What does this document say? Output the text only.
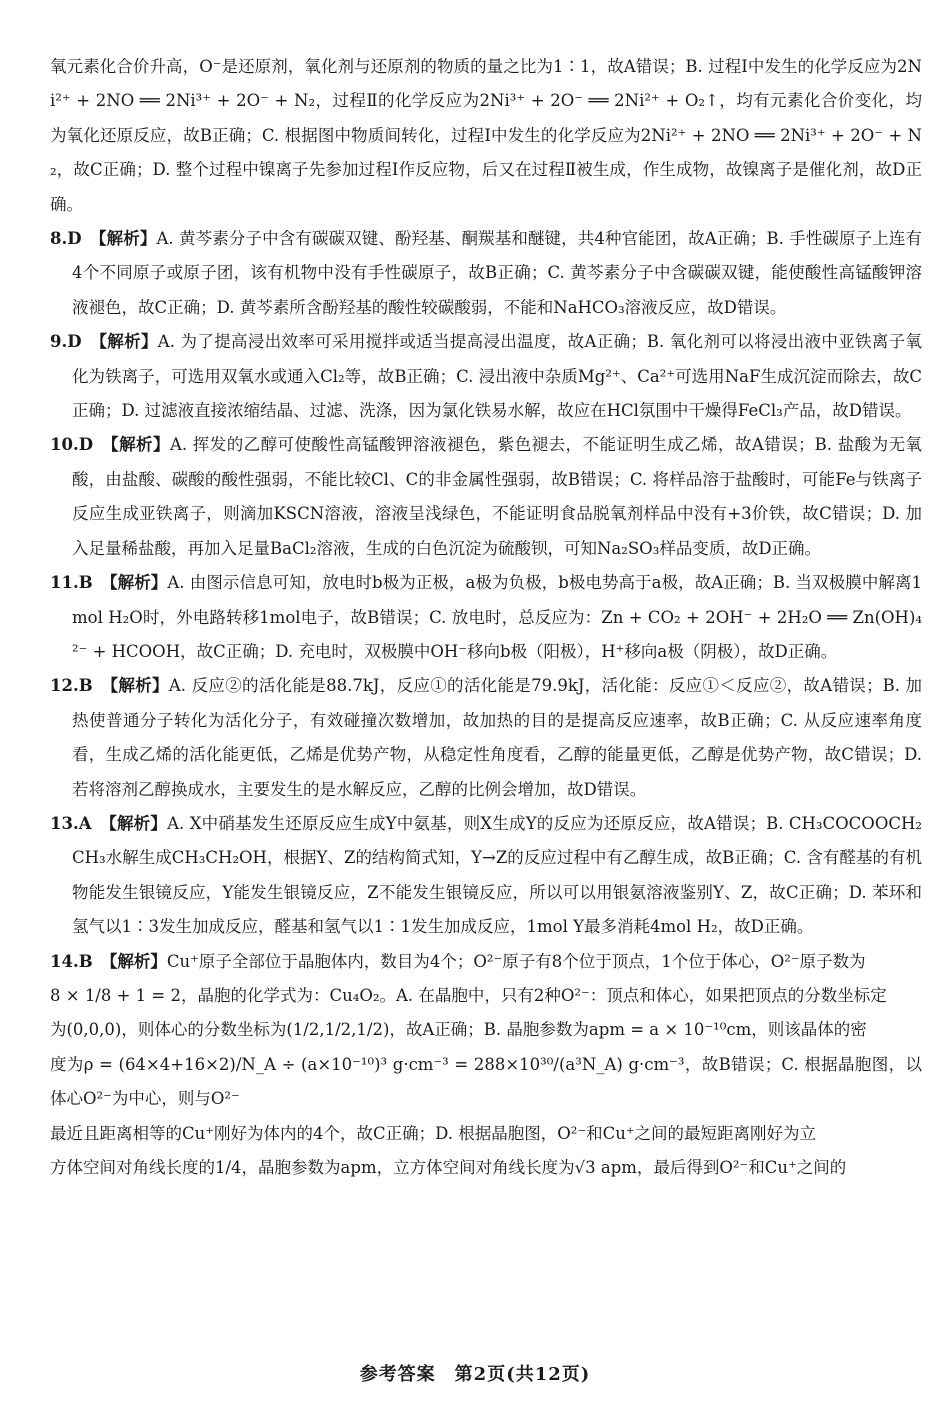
氧元素化合价升高，O⁻是还原剂，氧化剂与还原剂的物质的量之比为1∶1，故A错误；B. 过程Ⅰ中发生的化学反应为2Ni²⁺ + 2NO ══ 2Ni³⁺ + 2O⁻ + N₂，过程Ⅱ的化学反应为2Ni³⁺ + 2O⁻ ══ 2Ni²⁺ + O₂↑，均有元素化合价变化，均为氧化还原反应，故B正确；C. 根据图中物质间转化，过程Ⅰ中发生的化学反应为2Ni²⁺ + 2NO ══ 2Ni³⁺ + 2O⁻ + N₂，故C正确；D. 整个过程中镍离子先参加过程Ⅰ作反应物，后又在过程Ⅱ被生成，作生成物，故镍离子是催化剂，故D正确。

8.D　 【解析】A. 黄芩素分子中含有碳碳双键、酚羟基、酮羰基和醚键，共4种官能团，故A正确；B. 手性碳原子上连有4个不同原子或原子团，该有机物中没有手性碳原子，故B正确；C. 黄芩素分子中含碳碳双键，能使酸性高锰酸钾溶液褪色，故C正确；D. 黄芩素所含酚羟基的酸性较碳酸弱，不能和NaHCO₃溶液反应，故D错误。

9.D　 【解析】A. 为了提高浸出效率可采用搅拌或适当提高浸出温度，故A正确；B. 氧化剂可以将浸出液中亚铁离子氧化为铁离子，可选用双氧水或通入Cl₂等，故B正确；C. 浸出液中杂质Mg²⁺、Ca²⁺可选用NaF生成沉淀而除去，故C正确；D. 过滤液直接浓缩结晶、过滤、洗涤，因为氯化铁易水解，故应在HCl氛围中干燥得FeCl₃产品，故D错误。

10.D　 【解析】A. 挥发的乙醇可使酸性高锰酸钾溶液褪色，紫色褪去，不能证明生成乙烯，故A错误；B. 盐酸为无氧酸，由盐酸、碳酸的酸性强弱，不能比较Cl、C的非金属性强弱，故B错误；C. 将样品溶于盐酸时，可能Fe与铁离子反应生成亚铁离子，则滴加KSCN溶液，溶液呈浅绿色，不能证明食品脱氧剂样品中没有+3价铁，故C错误；D. 加入足量稀盐酸，再加入足量BaCl₂溶液，生成的白色沉淀为硫酸钡，可知Na₂SO₃样品变质，故D正确。

11.B　 【解析】A. 由图示信息可知，放电时b极为正极，a极为负极，b极电势高于a极，故A正确；B. 当双极膜中解离1mol H₂O时，外电路转移1mol电子，故B错误；C. 放电时，总反应为：Zn + CO₂ + 2OH⁻ + 2H₂O ══ Zn(OH)₄²⁻ + HCOOH，故C正确；D. 充电时，双极膜中OH⁻移向b极（阳极），H⁺移向a极（阴极），故D正确。

12.B　 【解析】A. 反应②的活化能是88.7kJ，反应①的活化能是79.9kJ，活化能：反应①＜反应②，故A错误；B. 加热使普通分子转化为活化分子，有效碰撞次数增加，故加热的目的是提高反应速率，故B正确；C. 从反应速率角度看，生成乙烯的活化能更低，乙烯是优势产物，从稳定性角度看，乙醇的能量更低，乙醇是优势产物，故C错误；D. 若将溶剂乙醇换成水，主要发生的是水解反应，乙醇的比例会增加，故D错误。

13.A　 【解析】A. X中硝基发生还原反应生成Y中氨基，则X生成Y的反应为还原反应，故A错误；B. CH₃COCOOCH₂CH₃水解生成CH₃CH₂OH，根据Y、Z的结构简式知，Y→Z的反应过程中有乙醇生成，故B正确；C. 含有醛基的有机物能发生银镜反应，Y能发生银镜反应，Z不能发生银镜反应，所以可以用银氨溶液鉴别Y、Z，故C正确；D. 苯环和氢气以1∶3发生加成反应，醛基和氢气以1∶1发生加成反应，1mol Y最多消耗4mol H₂，故D正确。

14.B　 【解析】Cu⁺原子全部位于晶胞体内，数目为4个；O²⁻原子有8个位于顶点，1个位于体心，O²⁻原子数为

8 × 1/8 + 1 = 2，晶胞的化学式为：Cu₄O₂。A. 在晶胞中，只有2种O²⁻：顶点和体心，如果把顶点的分数坐标定

为(0,0,0)，则体心的分数坐标为(1/2,1/2,1/2)，故A正确；B. 晶胞参数为apm = a × 10⁻¹⁰cm，则该晶体的密

度为ρ = (64×4+16×2)/N_A ÷ (a×10⁻¹⁰)³ g·cm⁻³ = 288×10³⁰/(a³N_A) g·cm⁻³，故B错误；C. 根据晶胞图，以体心O²⁻为中心，则与O²⁻

最近且距离相等的Cu⁺刚好为体内的4个，故C正确；D. 根据晶胞图，O²⁻和Cu⁺之间的最短距离刚好为立

方体空间对角线长度的1/4，晶胞参数为apm，立方体空间对角线长度为√3 apm，最后得到O²⁻和Cu⁺之间的

参考答案　第2页(共12页)
